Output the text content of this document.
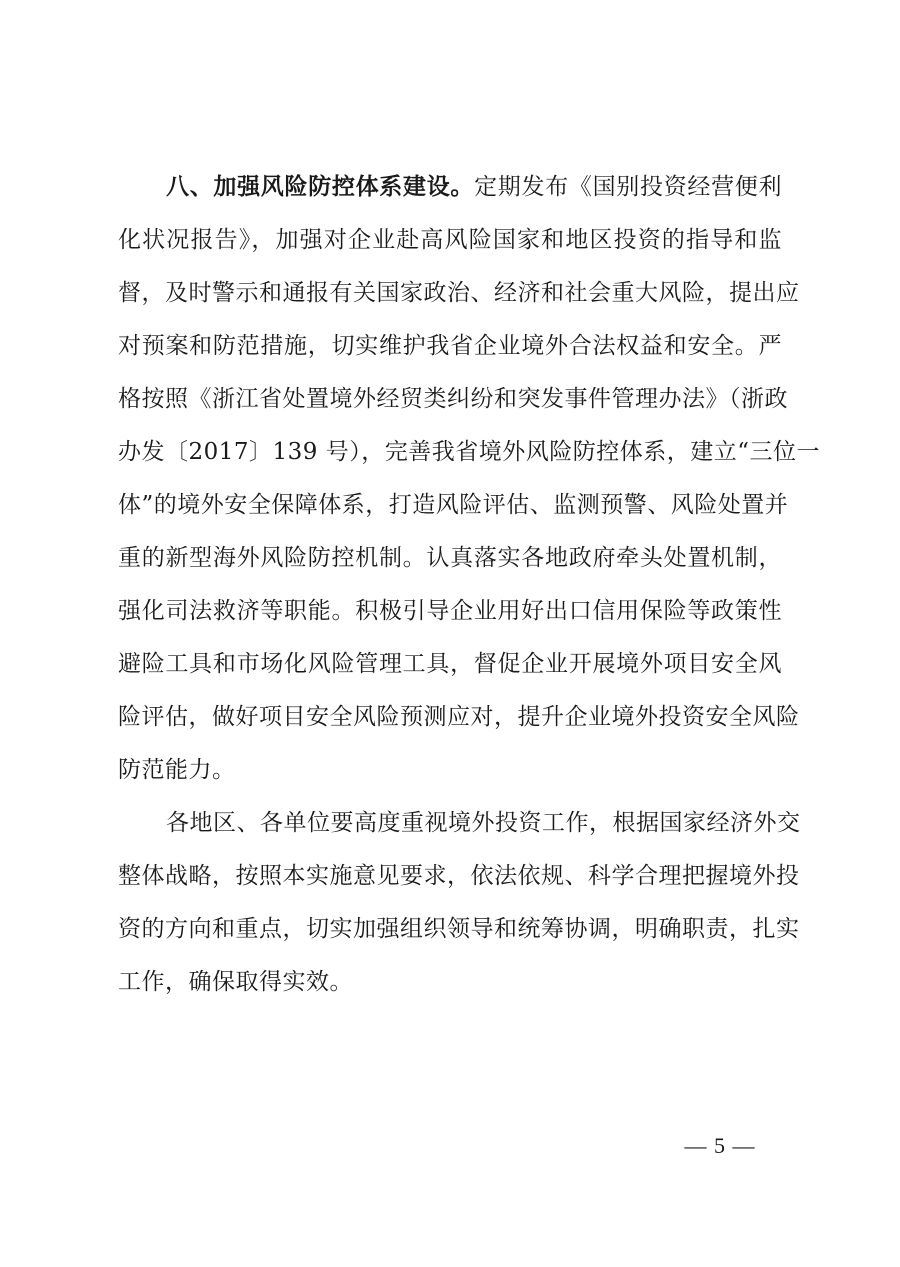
八、加强风险防控体系建设。定期发布《国别投资经营便利
化状况报告》，加强对企业赴高风险国家和地区投资的指导和监
督，及时警示和通报有关国家政治、经济和社会重大风险，提出应
对预案和防范措施，切实维护我省企业境外合法权益和安全。严
格按照《浙江省处置境外经贸类纠纷和突发事件管理办法》（浙政
办发〔2017〕139 号），完善我省境外风险防控体系，建立“三位一
体”的境外安全保障体系，打造风险评估、监测预警、风险处置并
重的新型海外风险防控机制。认真落实各地政府牵头处置机制，
强化司法救济等职能。积极引导企业用好出口信用保险等政策性
避险工具和市场化风险管理工具，督促企业开展境外项目安全风
险评估，做好项目安全风险预测应对，提升企业境外投资安全风险
防范能力。
各地区、各单位要高度重视境外投资工作，根据国家经济外交
整体战略，按照本实施意见要求，依法依规、科学合理把握境外投
资的方向和重点，切实加强组织领导和统筹协调，明确职责，扎实
工作，确保取得实效。
— 5 —
